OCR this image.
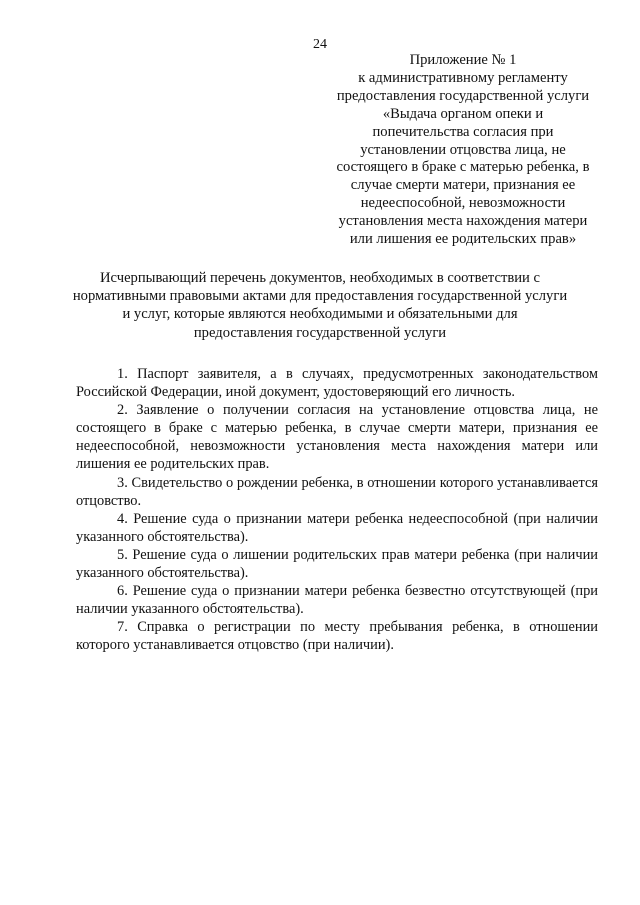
24
Приложение № 1
к административному регламенту
предоставления государственной услуги
«Выдача органом опеки и
попечительства согласия при
установлении отцовства лица, не
состоящего в браке с матерью ребенка, в
случае смерти матери, признания ее
недееспособной, невозможности
установления места нахождения матери
или лишения ее родительских прав»
Исчерпывающий перечень документов, необходимых в соответствии с
нормативными правовыми актами для предоставления государственной услуги
и услуг, которые являются необходимыми и обязательными для
предоставления государственной услуги

1. Паспорт заявителя, а в случаях, предусмотренных законодательством Российской Федерации, иной документ, удостоверяющий его личность.

2. Заявление о получении согласия на установление отцовства лица, не состоящего в браке с матерью ребенка, в случае смерти матери, признания ее недееспособной, невозможности установления места нахождения матери или лишения ее родительских прав.

3. Свидетельство о рождении ребенка, в отношении которого устанавливается отцовство.

4. Решение суда о признании матери ребенка недееспособной (при наличии указанного обстоятельства).

5. Решение суда о лишении родительских прав матери ребенка (при наличии указанного обстоятельства).

6. Решение суда о признании матери ребенка безвестно отсутствующей (при наличии указанного обстоятельства).

7. Справка о регистрации по месту пребывания ребенка, в отношении которого устанавливается отцовство (при наличии).
